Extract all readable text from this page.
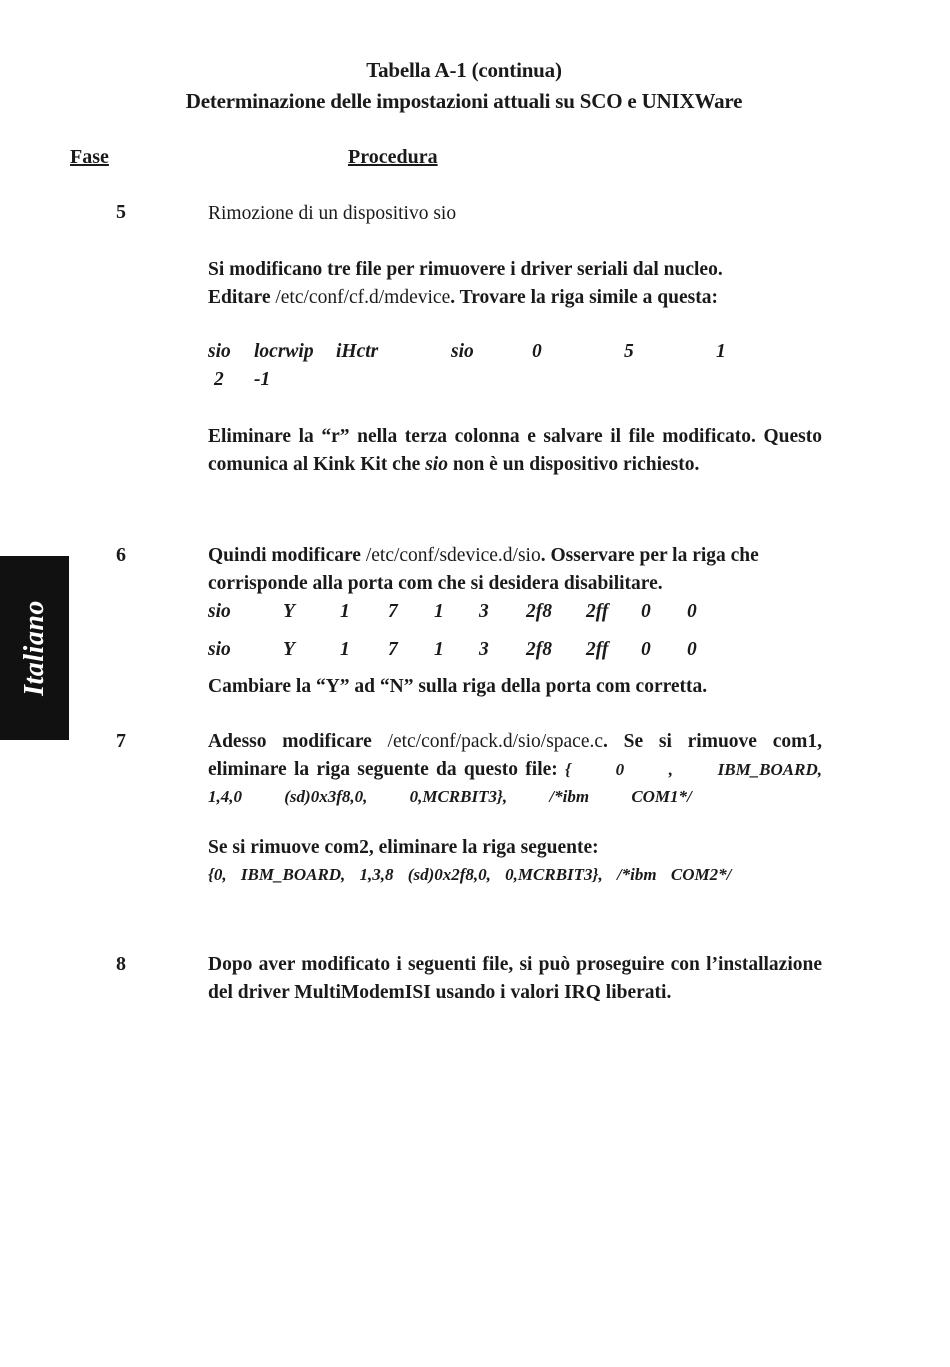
Tabella A-1 (continua)
Determinazione delle impostazioni attuali su SCO e UNIXWare
Fase	Procedura
Italiano
5	Rimozione di un dispositivo sio
Si modificano tre file per rimuovere i driver seriali dal nucleo.
Editare /etc/conf/cf.d/mdevice. Trovare la riga simile a questa:
sio	locrwip	iHctr	sio	0	5	1
2	-1
Eliminare la “r” nella terza colonna e salvare il file modificato. Questo comunica al Kink Kit che sio non è un dispositivo richiesto.
6	Quindi modificare /etc/conf/sdevice.d/sio. Osservare per la riga che corrisponde alla porta com che si desidera disabilitare.
sio	Y	1	7	1	3	2f8	2ff	0	0
sio	Y	1	7	1	3	2f8	2ff	0	0
Cambiare la “Y” ad “N” sulla riga della porta com corretta.
7	Adesso modificare /etc/conf/pack.d/sio/space.c. Se si rimuove com1, eliminare la riga seguente da questo file: { 0 , IBM_BOARD, 1,4,0 (sd)0x3f8,0, 0,MCRBIT3}, /*ibm COM1*/
Se si rimuove com2, eliminare la riga seguente:
{0, IBM_BOARD, 1,3,8 (sd)0x2f8,0, 0,MCRBIT3}, /*ibm COM2*/
8	Dopo aver modificato i seguenti file, si può proseguire con l’installazione del driver MultiModemISI usando i valori IRQ liberati.
